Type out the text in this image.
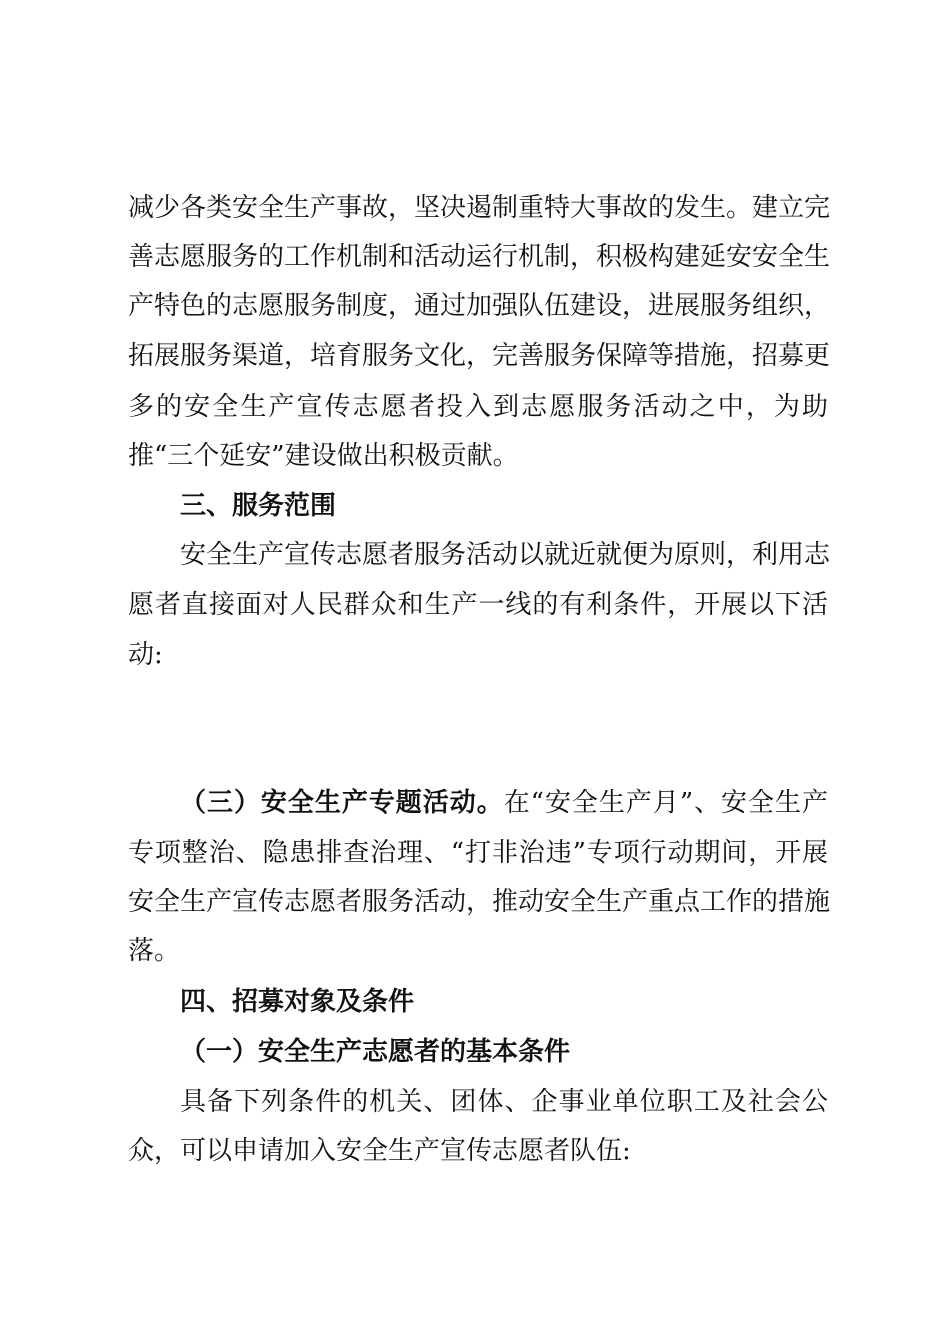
减少各类安全生产事故，坚决遏制重特大事故的发生。建立完
善志愿服务的工作机制和活动运行机制，积极构建延安安全生
产特色的志愿服务制度，通过加强队伍建设，进展服务组织，
拓展服务渠道，培育服务文化，完善服务保障等措施，招募更
多的安全生产宣传志愿者投入到志愿服务活动之中，为助
推“三个延安”建设做出积极贡献。
三、服务范围
安全生产宣传志愿者服务活动以就近就便为原则，利用志
愿者直接面对人民群众和生产一线的有利条件，开展以下活
动:
（三）安全生产专题活动。在“安全生产月”、安全生产
专项整治、隐患排查治理、“打非治违”专项行动期间，开展
安全生产宣传志愿者服务活动，推动安全生产重点工作的措施
落。
四、招募对象及条件
（一）安全生产志愿者的基本条件
具备下列条件的机关、团体、企事业单位职工及社会公
众，可以申请加入安全生产宣传志愿者队伍:
